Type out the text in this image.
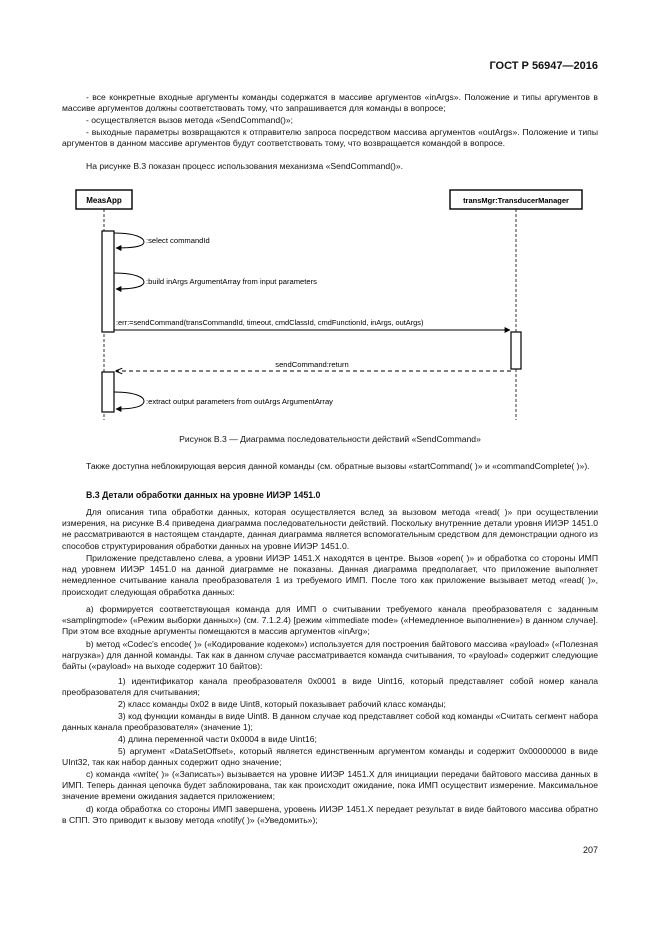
ГОСТ Р 56947—2016

- все конкретные входные аргументы команды содержатся в массиве аргументов «inArgs». Положение и типы аргументов в массиве аргументов должны соответствовать тому, что запрашивается для команды в вопросе;

- осуществляется вызов метода «SendCommand()»;

- выходные параметры возвращаются к отправителю запроса посредством массива аргументов «outArgs». Положение и типы аргументов в данном массиве аргументов будут соответствовать тому, что возвращается командой в вопросе.

На рисунке В.3 показан процесс использования механизма «SendCommand()».

MeasApp	transMgr:TransducerManager
:select commandId
:build inArgs ArgumentArray from input parameters
:err:=sendCommand(transCommandId, timeout, cmdClassId, cmdFunctionId, inArgs, outArgs)
sendCommand:return
:extract output parameters from outArgs ArgumentArray
Рисунок В.3 — Диаграмма последовательности действий «SendCommand»

Также доступна неблокирующая версия данной команды (см. обратные вызовы «startCommand( )» и «commandComplete( )»).

В.3 Детали обработки данных на уровне ИИЭР 1451.0

Для описания типа обработки данных, которая осуществляется вслед за вызовом метода «read( )» при осуществлении измерения, на рисунке В.4 приведена диаграмма последовательности действий. Поскольку внутренние детали уровня ИИЭР 1451.0 не рассматриваются в настоящем стандарте, данная диаграмма является вспомогательным средством для демонстрации одного из способов структурирования обработки данных на уровне ИИЭР 1451.0.

Приложение представлено слева, а уровни ИИЭР 1451.Х находятся в центре. Вызов «open( )» и обработка со стороны ИМП над уровнем ИИЭР 1451.0 на данной диаграмме не показаны. Данная диаграмма предполагает, что приложение выполняет немедленное считывание канала преобразователя 1 из требуемого ИМП. После того как приложение вызывает метод «read( )», происходит следующая обработка данных:

а) формируется соответствующая команда для ИМП о считывании требуемого канала преобразователя с заданным «samplingmode» («Режим выборки данных») (см. 7.1.2.4) [режим «immediate mode» («Немедленное выполнение») в данном случае]. При этом все входные аргументы помещаются в массив аргументов «inArg»;

b) метод «Codec's encode( )» («Кодирование кодеком») используется для построения байтового массива «payload» («Полезная нагрузка») для данной команды. Так как в данном случае рассматривается команда считывания, то «payload» содержит следующие байты («payload» на выходе содержит 10 байтов):

1) идентификатор канала преобразователя 0x0001 в виде Uint16, который представляет собой номер канала преобразователя для считывания;

2) класс команды 0x02 в виде Uint8, который показывает рабочий класс команды;

3) код функции команды в виде Uint8. В данном случае код представляет собой код команды «Считать сегмент набора данных канала преобразователя» (значение 1);

4) длина переменной части 0x0004 в виде Uint16;

5) аргумент «DataSetOffset», который является единственным аргументом команды и содержит 0x00000000 в виде UInt32, так как набор данных содержит одно значение;

c) команда «write( )» («Записать») вызывается на уровне ИИЭР 1451.Х для инициации передачи байтового массива данных в ИМП. Теперь данная цепочка будет заблокирована, так как происходит ожидание, пока ИМП осуществит измерение. Максимальное значение времени ожидания задается приложением;

d) когда обработка со стороны ИМП завершена, уровень ИИЭР 1451.Х передает результат в виде байтового массива обратно в СПП. Это приводит к вызову метода «notify( )» («Уведомить»);

207
